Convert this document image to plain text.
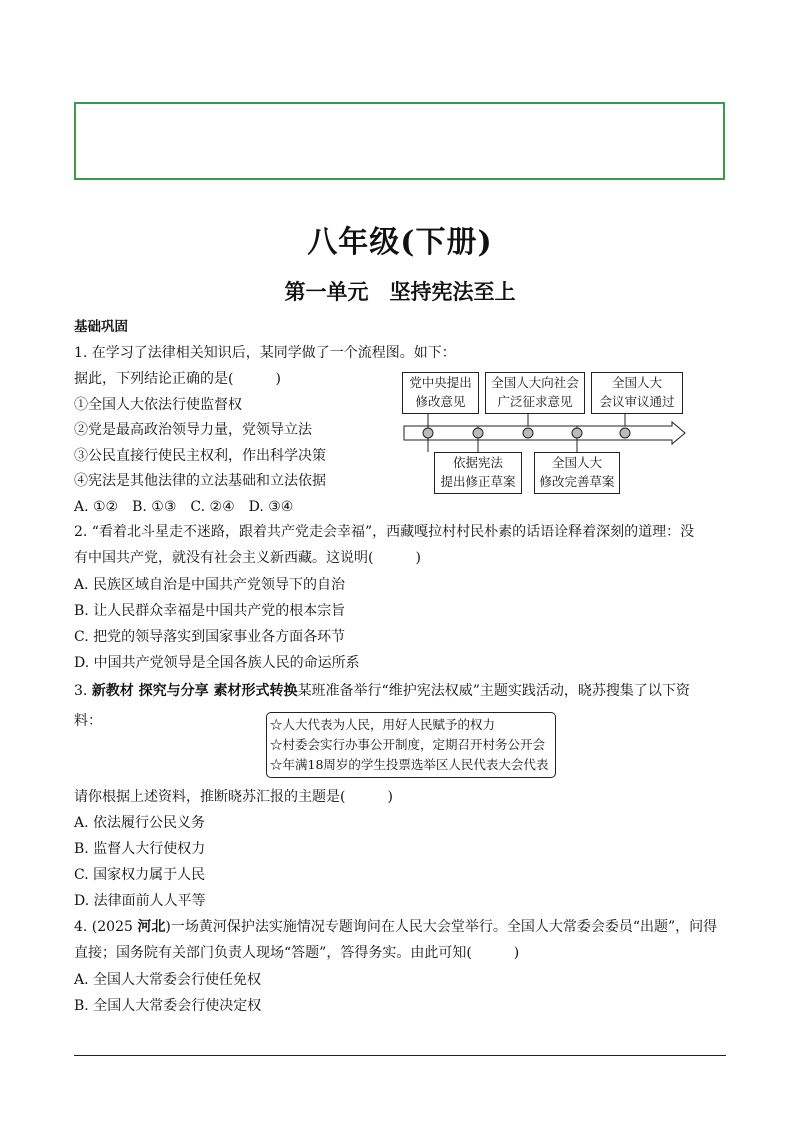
八年级(下册)
第一单元　坚持宪法至上
基础巩固
1. 在学习了法律相关知识后，某同学做了一个流程图。如下：
据此，下列结论正确的是(　　　)
①全国人大依法行使监督权
②党是最高政治领导力量，党领导立法
③公民直接行使民主权利，作出科学决策
④宪法是其他法律的立法基础和立法依据
A. ①②　B. ①③　C. ②④　D. ③④
党中央提出
修改意见
全国人大向社会
广泛征求意见
全国人大
会议审议通过
依据宪法
提出修正草案
全国人大
修改完善草案
2. “看着北斗星走不迷路，跟着共产党走会幸福”，西藏嘎拉村村民朴素的话语诠释着深刻的道理：没
有中国共产党，就没有社会主义新西藏。这说明(　　　)
A. 民族区域自治是中国共产党领导下的自治
B. 让人民群众幸福是中国共产党的根本宗旨
C. 把党的领导落实到国家事业各方面各环节
D. 中国共产党领导是全国各族人民的命运所系
3. 新教材 探究与分享 素材形式转换某班准备举行“维护宪法权威”主题实践活动，晓苏搜集了以下资
料：	☆人大代表为人民，用好人民赋予的权力
☆村委会实行办事公开制度，定期召开村务公开会
☆年满18周岁的学生投票选举区人民代表大会代表
请你根据上述资料，推断晓苏汇报的主题是(　　　)
A. 依法履行公民义务
B. 监督人大行使权力
C. 国家权力属于人民
D. 法律面前人人平等
4. (2025 河北)一场黄河保护法实施情况专题询问在人民大会堂举行。全国人大常委会委员“出题”，问得
直接；国务院有关部门负责人现场“答题”，答得务实。由此可知(　　　)
A. 全国人大常委会行使任免权
B. 全国人大常委会行使决定权
